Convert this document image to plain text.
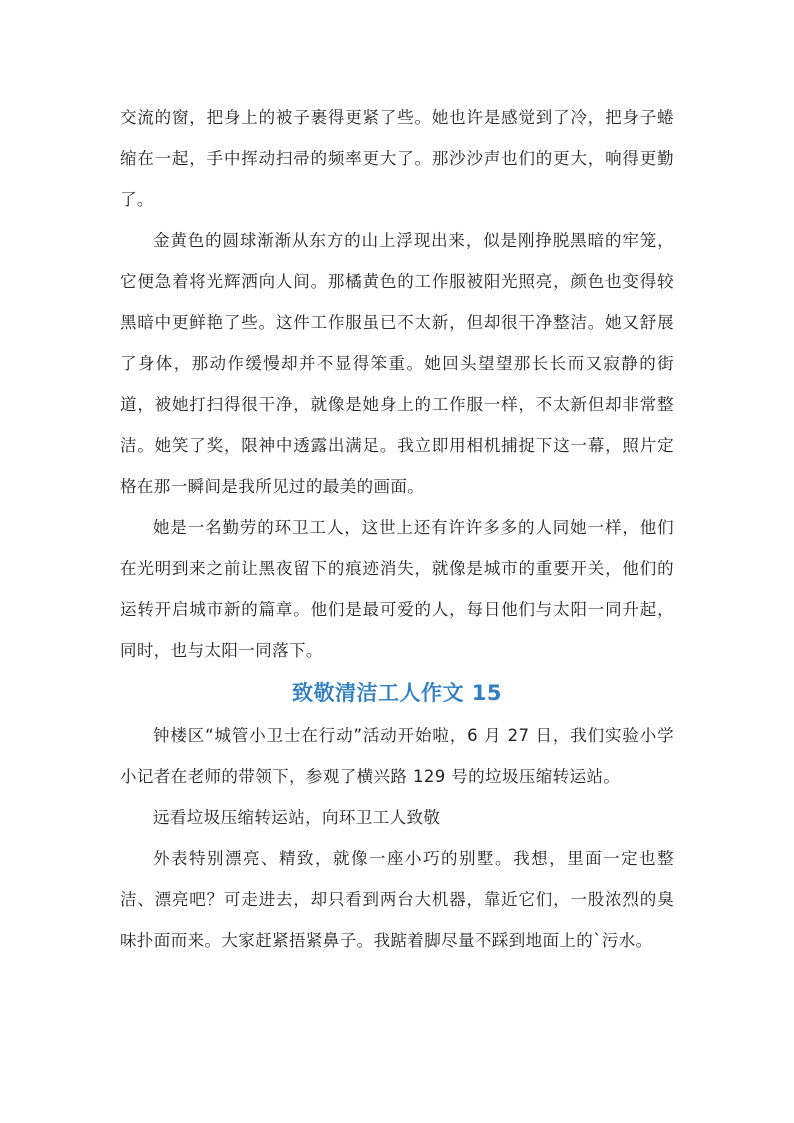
交流的窗，把身上的被子裹得更紧了些。她也许是感觉到了冷，把身子蜷缩在一起，手中挥动扫帚的频率更大了。那沙沙声也们的更大，响得更勤了。

金黄色的圆球渐渐从东方的山上浮现出来，似是刚挣脱黑暗的牢笼，它便急着将光辉洒向人间。那橘黄色的工作服被阳光照亮，颜色也变得较黑暗中更鲜艳了些。这件工作服虽已不太新，但却很干净整洁。她又舒展了身体，那动作缓慢却并不显得笨重。她回头望望那长长而又寂静的街道，被她打扫得很干净，就像是她身上的工作服一样，不太新但却非常整洁。她笑了奖，限神中透露出满足。我立即用相机捕捉下这一幕，照片定格在那一瞬间是我所见过的最美的画面。

她是一名勤劳的环卫工人，这世上还有许许多多的人同她一样，他们在光明到来之前让黑夜留下的痕迹消失，就像是城市的重要开关，他们的运转开启城市新的篇章。他们是最可爱的人，每日他们与太阳一同升起，同时，也与太阳一同落下。

致敬清洁工人作文 15

钟楼区“城管小卫士在行动”活动开始啦，6 月 27 日，我们实验小学小记者在老师的带领下，参观了横兴路 129 号的垃圾压缩转运站。

远看垃圾压缩转运站，向环卫工人致敬

外表特别漂亮、精致，就像一座小巧的别墅。我想，里面一定也整洁、漂亮吧？可走进去，却只看到两台大机器，靠近它们，一股浓烈的臭味扑面而来。大家赶紧捂紧鼻子。我踮着脚尽量不踩到地面上的`污水。
